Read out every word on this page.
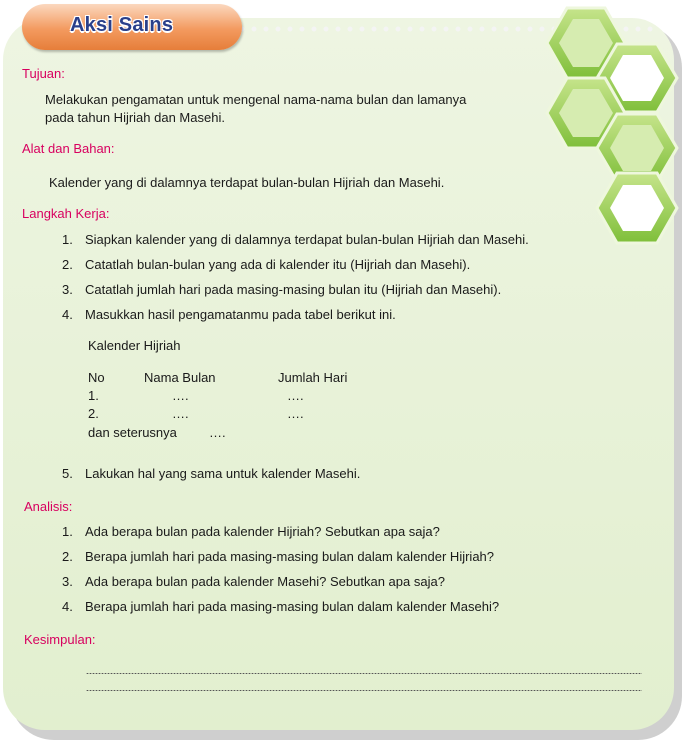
Aksi Sains
Tujuan:
Melakukan pengamatan untuk mengenal nama-nama bulan dan lamanya
pada tahun Hijriah dan Masehi.
Alat dan Bahan:
Kalender yang di dalamnya terdapat bulan-bulan Hijriah dan Masehi.
Langkah Kerja:
1. Siapkan kalender yang di dalamnya terdapat bulan-bulan Hijriah dan Masehi.
2. Catatlah bulan-bulan yang ada di kalender itu (Hijriah dan Masehi).
3. Catatlah jumlah hari pada masing-masing bulan itu (Hijriah dan Masehi).
4. Masukkan hasil pengamatanmu pada tabel berikut ini.
Kalender Hijriah
No	Nama Bulan	Jumlah Hari
1.	….	….
2.	….	….
dan seterusnya ….
5. Lakukan hal yang sama untuk kalender Masehi.
Analisis:
1. Ada berapa bulan pada kalender Hijriah? Sebutkan apa saja?
2. Berapa jumlah hari pada masing-masing bulan dalam kalender Hijriah?
3. Ada berapa bulan pada kalender Masehi? Sebutkan apa saja?
4. Berapa jumlah hari pada masing-masing bulan dalam kalender Masehi?
Kesimpulan:
